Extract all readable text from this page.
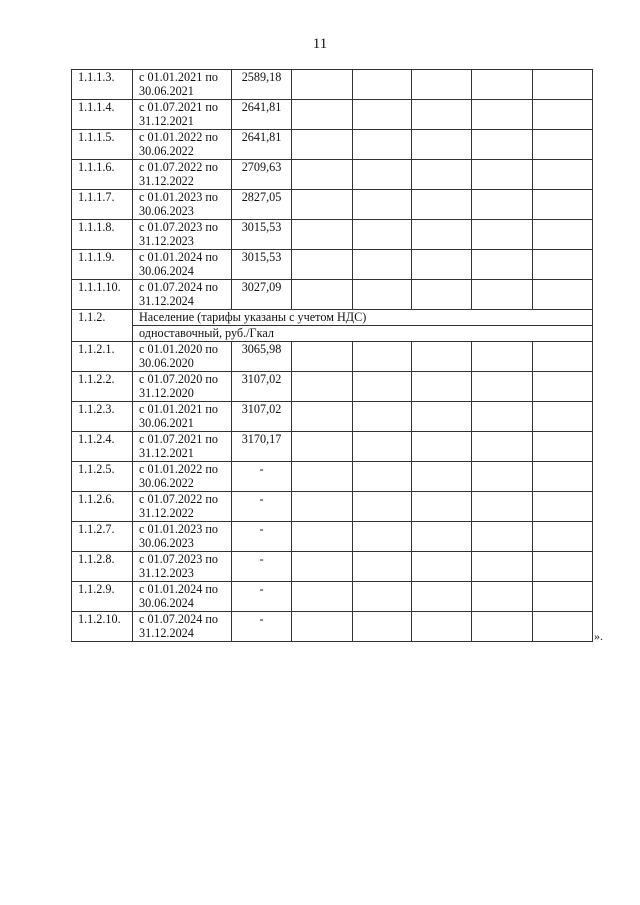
11
1.1.1.3.	с 01.01.2021 по 30.06.2021	2589,18					
1.1.1.4.	с 01.07.2021 по 31.12.2021	2641,81					
1.1.1.5.	с 01.01.2022 по 30.06.2022	2641,81					
1.1.1.6.	с 01.07.2022 по 31.12.2022	2709,63					
1.1.1.7.	с 01.01.2023 по 30.06.2023	2827,05					
1.1.1.8.	с 01.07.2023 по 31.12.2023	3015,53					
1.1.1.9.	с 01.01.2024 по 30.06.2024	3015,53					
1.1.1.10.	с 01.07.2024 по 31.12.2024	3027,09					
1.1.2.	Население (тарифы указаны с учетом НДС)						
	одноставочный, руб./Гкал						
1.1.2.1.	с 01.01.2020 по 30.06.2020	3065,98					
1.1.2.2.	с 01.07.2020 по 31.12.2020	3107,02					
1.1.2.3.	с 01.01.2021 по 30.06.2021	3107,02					
1.1.2.4.	с 01.07.2021 по 31.12.2021	3170,17					
1.1.2.5.	с 01.01.2022 по 30.06.2022	-					
1.1.2.6.	с 01.07.2022 по 31.12.2022	-					
1.1.2.7.	с 01.01.2023 по 30.06.2023	-					
1.1.2.8.	с 01.07.2023 по 31.12.2023	-					
1.1.2.9.	с 01.01.2024 по 30.06.2024	-					
1.1.2.10.	с 01.07.2024 по 31.12.2024	-					
».
